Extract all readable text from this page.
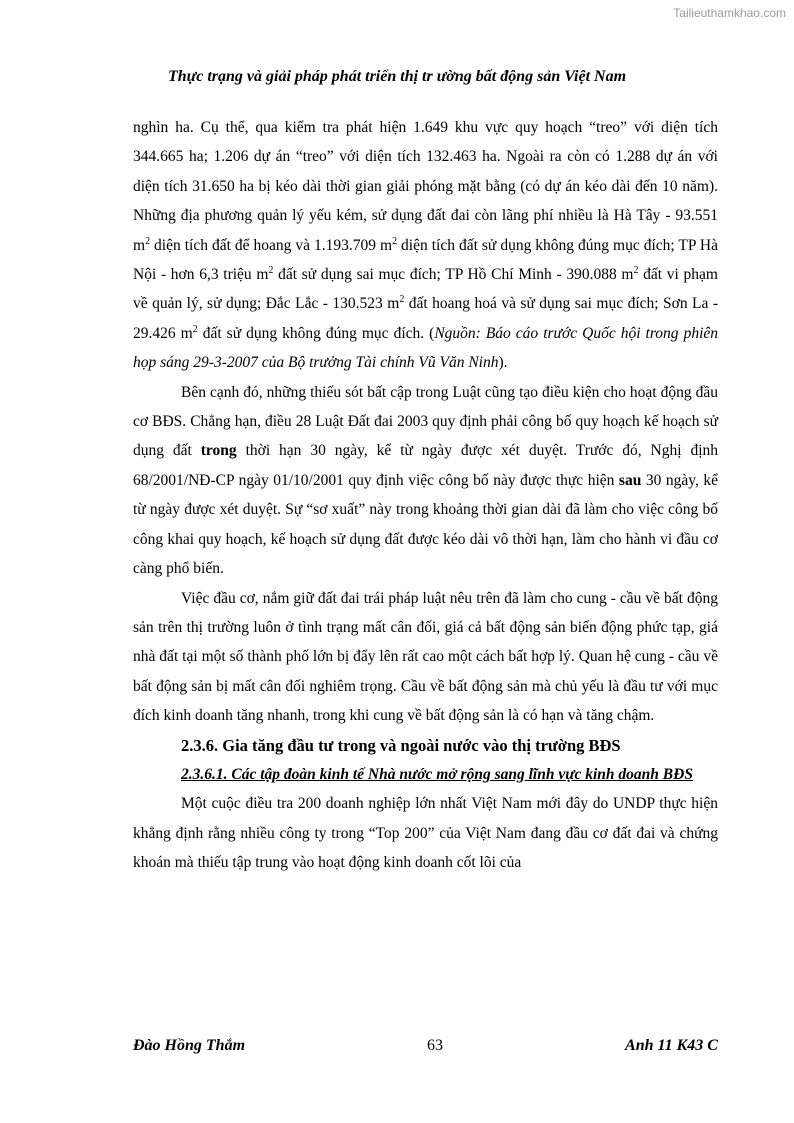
Tailieuthamkhao.com
Thực trạng và giải pháp phát triển thị tr ường bất động sản Việt Nam

nghìn ha. Cụ thể, qua kiểm tra phát hiện 1.649 khu vực quy hoạch “treo” với diện tích 344.665 ha; 1.206 dự án “treo” với diện tích 132.463 ha. Ngoài ra còn có 1.288 dự án với diện tích 31.650 ha bị kéo dài thời gian giải phóng mặt bằng (có dự án kéo dài đến 10 năm). Những địa phương quản lý yếu kém, sử dụng đất đai còn lãng phí nhiều là Hà Tây - 93.551 $m^2$ diện tích đất để hoang và 1.193.709 $m^2$ diện tích đất sử dụng không đúng mục đích; TP Hà Nội - hơn 6,3 triệu $m^2$ đất sử dụng sai mục đích; TP Hồ Chí Minh - 390.088 $m^2$ đất vi phạm về quản lý, sử dụng; Đắc Lắc - 130.523 $m^2$ đất hoang hoá và sử dụng sai mục đích; Sơn La - 29.426 $m^2$ đất sử dụng không đúng mục đích. (Nguồn: Báo cáo trước Quốc hội trong phiên họp sáng 29-3-2007 của Bộ trưởng Tài chính Vũ Văn Ninh).

Bên cạnh đó, những thiếu sót bất cập trong Luật cũng tạo điều kiện cho hoạt động đầu cơ BĐS. Chẳng hạn, điều 28 Luật Đất đai 2003 quy định phải công bố quy hoạch kế hoạch sử dụng đất trong thời hạn 30 ngày, kể từ ngày được xét duyệt. Trước đó, Nghị định 68/2001/NĐ-CP ngày 01/10/2001 quy định việc công bố này được thực hiện sau 30 ngày, kể từ ngày được xét duyệt. Sự “sơ xuất” này trong khoảng thời gian dài đã làm cho việc công bố công khai quy hoạch, kế hoạch sử dụng đất được kéo dài vô thời hạn, làm cho hành vi đầu cơ càng phổ biến.

Việc đầu cơ, nắm giữ đất đai trái pháp luật nêu trên đã làm cho cung - cầu về bất động sản trên thị trường luôn ở tình trạng mất cân đối, giá cả bất động sản biến động phức tạp, giá nhà đất tại một số thành phố lớn bị đẩy lên rất cao một cách bất hợp lý. Quan hệ cung - cầu về bất động sản bị mất cân đối nghiêm trọng. Cầu về bất động sản mà chủ yếu là đầu tư với mục đích kinh doanh tăng nhanh, trong khi cung về bất động sản là có hạn và tăng chậm.

2.3.6. Gia tăng đầu tư trong và ngoài nước vào thị trường BĐS

2.3.6.1. Các tập đoàn kinh tế Nhà nước mở rộng sang lĩnh vực kinh doanh BĐS

Một cuộc điều tra 200 doanh nghiệp lớn nhất Việt Nam mới đây do UNDP thực hiện khẳng định rằng nhiều công ty trong “Top 200” của Việt Nam đang đầu cơ đất đai và chứng khoán mà thiếu tập trung vào hoạt động kinh doanh cốt lõi của

Đào Hồng Thắm	63	Anh 11 K43 C
